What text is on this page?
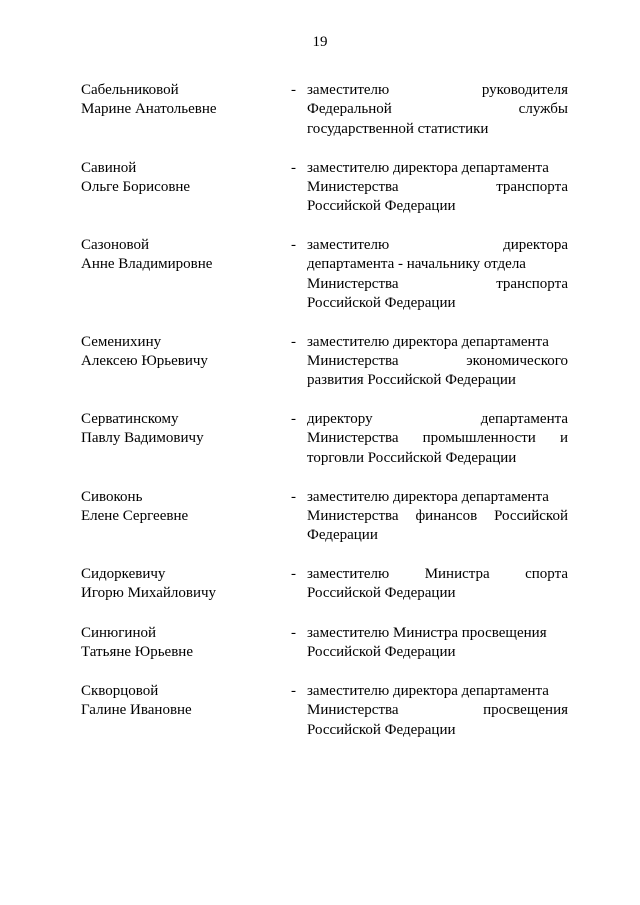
19
Сабельниковой
Марине Анатольевне
- заместителю	руководителя
Федеральной	службы
государственной статистики
Савиной
Ольге Борисовне
- заместителю директора департамента
Министерства	транспорта
Российской Федерации
Сазоновой
Анне Владимировне
- заместителю	директора
департамента - начальнику отдела
Министерства	транспорта
Российской Федерации
Семенихину
Алексею Юрьевичу
- заместителю директора департамента
Министерства	экономического
развития Российской Федерации
Серватинскому
Павлу Вадимовичу
- директору	департамента
Министерства промышленности и
торговли Российской Федерации
Сивоконь
Елене Сергеевне
- заместителю директора департамента
Министерства финансов Российской
Федерации
Сидоркевичу
Игорю Михайловичу
- заместителю Министра спорта
Российской Федерации
Синюгиной
Татьяне Юрьевне
- заместителю Министра просвещения
Российской Федерации
Скворцовой
Галине Ивановне
- заместителю директора департамента
Министерства	просвещения
Российской Федерации
